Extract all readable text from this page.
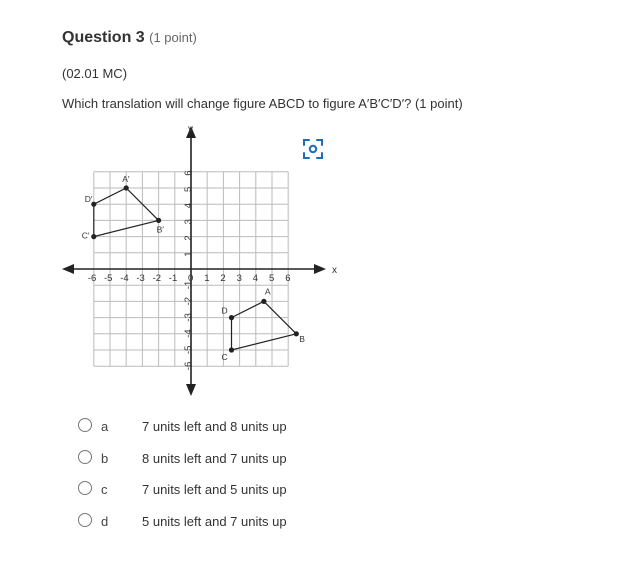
Question 3 (1 point)
(02.01 MC)
Which translation will change figure ABCD to figure A′B′C′D′? (1 point)
x
y
-6 -5 -4 -3 -2 -1 0 1 2 3 4 5 6
6
5
4
3
2
1
-1
-2
-3
-4
-5
-6
A
B
C
D
A′
B′
C′
D′
a	7 units left and 8 units up
b	8 units left and 7 units up
c	7 units left and 5 units up
d	5 units left and 7 units up
